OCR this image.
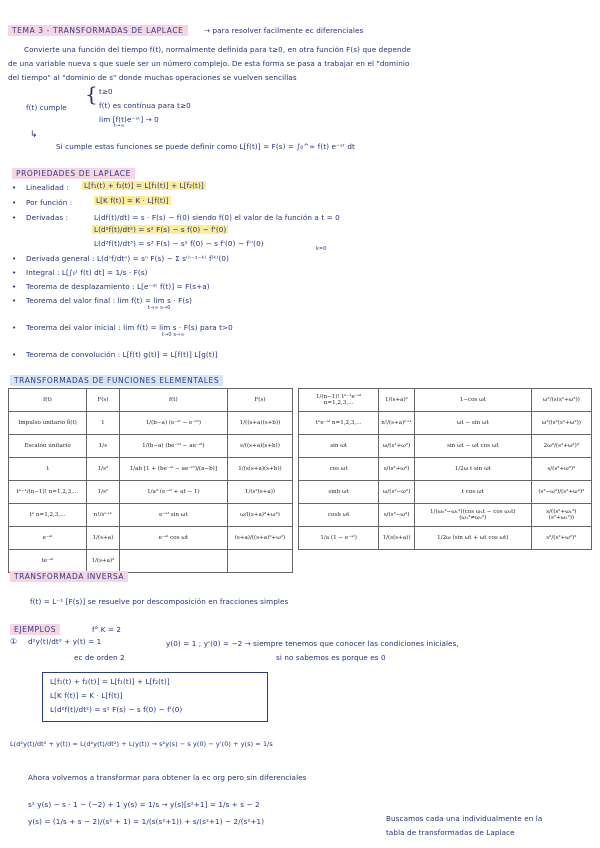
TEMA 3 - TRANSFORMADAS DE LAPLACE	→ para resolver facilmente ec diferenciales
Convierte una función del tiempo f(t), normalmente definida para t≥0, en otra función F(s) que depende
de una variable nueva s que suele ser un número complejo. De esta forma se pasa a trabajar en el "dominio
del tiempo" al "dominio de s" donde muchas operaciones se vuelven sencillas
f(t) cumple
{ t≥0
f(t) es contínua para t≥0
lim [f(t)e⁻ˢᵗ] → 0
t→∞
↳
Si cumple estas funciones se puede definir como L[f(t)] = F(s) = ∫₀^∞ f(t) e⁻ˢᵗ dt
PROPIEDADES DE LAPLACE
• Linealidad : L[f₁(t) + f₂(t)] = L[f₁(t)] + L[f₂(t)]
• Por función :	L[K f(t)] = K · L[f(t)]
• Derivadas :	L(df(t)/dt) = s · F(s) − f(0) siendo f(0) el valor de la función a t = 0
L(d²f(t)/dt²) = s² F(s) − s f(0) − f'(0)
L(d³f(t)/dt³) = s³ F(s) − s² f(0) − s f'(0) − f''(0)
• Derivada general : L(dⁿf/dtⁿ) = sⁿ F(s) − Σ s⁽ⁿ⁻¹⁻ᵏ⁾ f⁽ᵏ⁾(0)
k=0
• Integral : L[∫₀ᵗ f(t) dt] = 1/s · F(s)
• Teorema de desplazamiento : L[e⁻ᵃᵗ f(t)] = F(s+a)
• Teorema del valor final : lim f(t) = lim s · F(s)
t→∞ s→0
• Teorema del valor inicial : lim f(t) = lim s · F(s) para t>0
t→0 s→∞
• Teorema de convolución : L[f(t) g(t)] = L[f(t)] L[g(t)]
TRANSFORMADAS DE FUNCIONES ELEMENTALES
f(t)	F(s)	f(t)	F(s)
Impulso unitario δ(t)	1	1/(b−a) (e⁻ᵃᵗ − e⁻ᵇᵗ)	1/((s+a)(s+b))
Escalón unitario	1/s	1/(b−a) (be⁻ᵇᵗ − ae⁻ᵃᵗ)	s/((s+a)(s+b))
t	1/s²	1/ab [1 + (be⁻ᵃᵗ − ae⁻ᵇᵗ)/(a−b)]	1/(s(s+a)(s+b))
tⁿ⁻¹/(n−1)! n=1,2,3,...	1/sⁿ	1/a² (e⁻ᵃᵗ + at − 1)	1/(s²(s+a))
tⁿ n=1,2,3,...	n!/sⁿ⁺¹	e⁻ᵃᵗ sin ωt	ω/((s+a)²+ω²)
e⁻ᵃᵗ	1/(s+a)	e⁻ᵃᵗ cos ωt	(s+a)/((s+a)²+ω²)
te⁻ᵃᵗ	1/(s+a)²		
1/(n−1)! tⁿ⁻¹e⁻ᵃᵗ n=1,2,3,...	1/(s+a)ⁿ	1−cos ωt	ω²/(s(s²+ω²))
tⁿe⁻ᵃᵗ n=1,2,3,...	n!/(s+a)ⁿ⁺¹	ωt − sin ωt	ω³/(s²(s²+ω²))
sin ωt	ω/(s²+ω²)	sin ωt − ωt cos ωt	2ω³/(s²+ω²)²
cos ωt	s/(s²+ω²)	1/2ω t sin ωt	s/(s²+ω²)²
sinh ωt	ω/(s²−ω²)	t cos ωt	(s²−ω²)/(s²+ω²)²
cosh ωt	s/(s²−ω²)	1/(ω₂²−ω₁²)(cos ω₁t − cos ω₂t) (ω₁²≠ω₂²)	s/((s²+ω₁²)(s²+ω₂²))
1/a (1 − e⁻ᵃᵗ)	1/(s(s+a))	1/2ω (sin ωt + ωt cos ωt)	s²/(s²+ω²)²
TRANSFORMADA INVERSA
f(t) = L⁻¹ [F(s)] se resuelve por descomposición en fracciones simples
EJEMPLOS
①
f° K = 2
d²y(t)/dt² + y(t) = 1
ec de orden 2
y(0) = 1 ; y'(0) = −2 → siempre tenemos que conocer las condiciones iniciales,
si no sabemos es porque es 0
L[f₁(t) + f₂(t)] = L[f₁(t)] + L[f₂(t)]
L[K f(t)] = K · L[f(t)]
L(d²f(t)/dt²) = s² F(s) − s f(0) − f'(0)
L(d²y(t)/dt² + y(t)) = L(d²y(t)/dt²) + L(y(t)) → s²y(s) − s y(0) − y'(0) + y(s) = 1/s
Ahora volvemos a transformar para obtener la ec org pero sin diferenciales
s² y(s) − s · 1 − (−2) + 1 y(s) = 1/s → y(s)[s²+1] = 1/s + s − 2
y(s) = (1/s + s − 2)/(s² + 1) = 1/(s(s²+1)) + s/(s²+1) − 2/(s²+1)	Buscamos cada una individualmente en la
tabla de transformadas de Laplace
